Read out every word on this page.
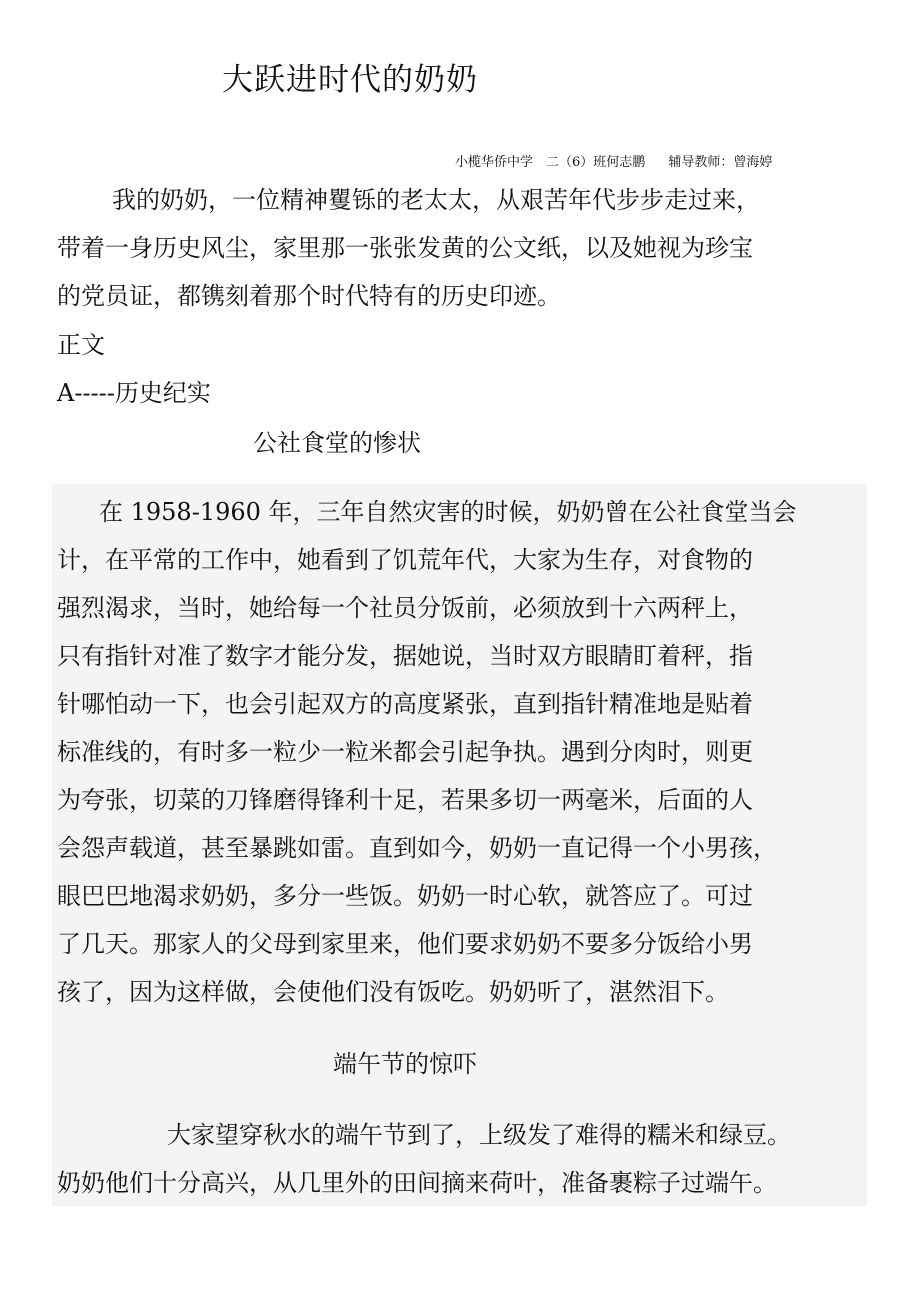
大跃进时代的奶奶
小榄华侨中学　二（6）班何志鹏　 辅导教师：曾海婷
我的奶奶，一位精神矍铄的老太太，从艰苦年代步步走过来，
带着一身历史风尘，家里那一张张发黄的公文纸，以及她视为珍宝
的党员证，都镌刻着那个时代特有的历史印迹。
正文
A-----历史纪实
公社食堂的惨状
在 1958-1960 年，三年自然灾害的时候，奶奶曾在公社食堂当会
计，在平常的工作中，她看到了饥荒年代，大家为生存，对食物的
强烈渴求，当时，她给每一个社员分饭前，必须放到十六两秤上，
只有指针对准了数字才能分发，据她说，当时双方眼睛盯着秤，指
针哪怕动一下，也会引起双方的高度紧张，直到指针精准地是贴着
标准线的，有时多一粒少一粒米都会引起争执。遇到分肉时，则更
为夸张，切菜的刀锋磨得锋利十足，若果多切一两毫米，后面的人
会怨声载道，甚至暴跳如雷。直到如今，奶奶一直记得一个小男孩，
眼巴巴地渴求奶奶，多分一些饭。奶奶一时心软，就答应了。可过
了几天。那家人的父母到家里来，他们要求奶奶不要多分饭给小男
孩了，因为这样做，会使他们没有饭吃。奶奶听了，湛然泪下。
端午节的惊吓
大家望穿秋水的端午节到了，上级发了难得的糯米和绿豆。
奶奶他们十分高兴，从几里外的田间摘来荷叶，准备裹粽子过端午。
